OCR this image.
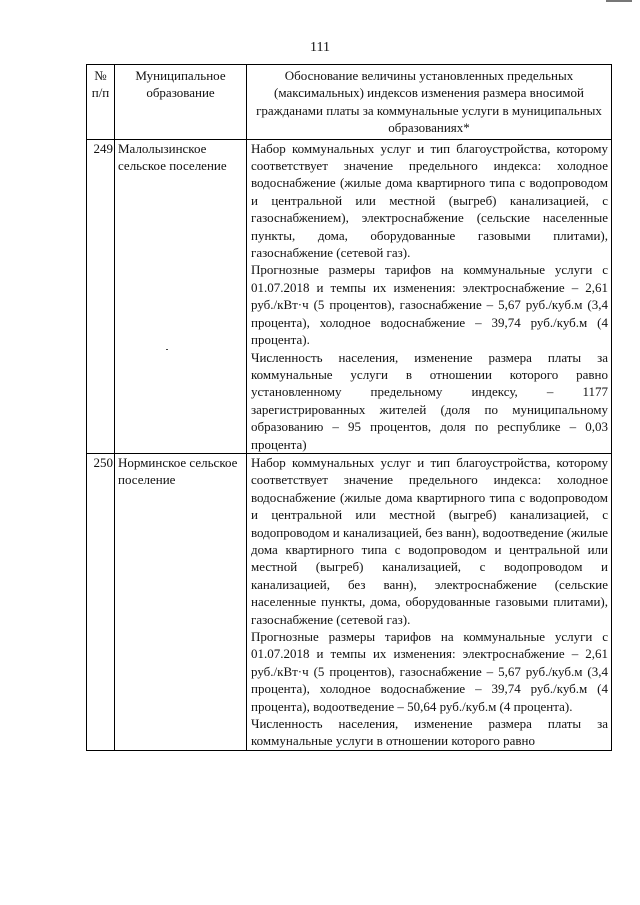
111
№ п/п	Муниципальное образование	Обоснование величины установленных предельных (максимальных) индексов изменения размера вносимой гражданами платы за коммунальные услуги в муниципальных образованиях*
249	Малолызинское сельское поселение	Набор коммунальных услуг и тип благоустройства, которому соответствует значение предельного индекса: холодное водоснабжение (жилые дома квартирного типа с водопроводом и центральной или местной (выгреб) канализацией, с газоснабжением), электроснабжение (сельские населенные пункты, дома, оборудованные газовыми плитами), газоснабжение (сетевой газ).
Прогнозные размеры тарифов на коммунальные услуги с 01.07.2018 и темпы их изменения: электроснабжение – 2,61 руб./кВт·ч (5 процентов), газоснабжение – 5,67 руб./куб.м (3,4 процента), холодное водоснабжение – 39,74 руб./куб.м (4 процента).
Численность населения, изменение размера платы за коммунальные услуги в отношении которого равно установленному предельному индексу, – 1177 зарегистрированных жителей (доля по муниципальному образованию – 95 процентов, доля по республике – 0,03 процента)

250	Норминское сельское поселение	Набор коммунальных услуг и тип благоустройства, которому соответствует значение предельного индекса: холодное водоснабжение (жилые дома квартирного типа с водопроводом и центральной или местной (выгреб) канализацией, с водопроводом и канализацией, без ванн), водоотведение (жилые дома квартирного типа с водопроводом и центральной или местной (выгреб) канализацией, с водопроводом и канализацией, без ванн), электроснабжение (сельские населенные пункты, дома, оборудованные газовыми плитами), газоснабжение (сетевой газ).
Прогнозные размеры тарифов на коммунальные услуги с 01.07.2018 и темпы их изменения: электроснабжение – 2,61 руб./кВт·ч (5 процентов), газоснабжение – 5,67 руб./куб.м (3,4 процента), холодное водоснабжение – 39,74 руб./куб.м (4 процента), водоотведение – 50,64 руб./куб.м (4 процента).
Численность населения, изменение размера платы за коммунальные услуги в отношении которого равно
